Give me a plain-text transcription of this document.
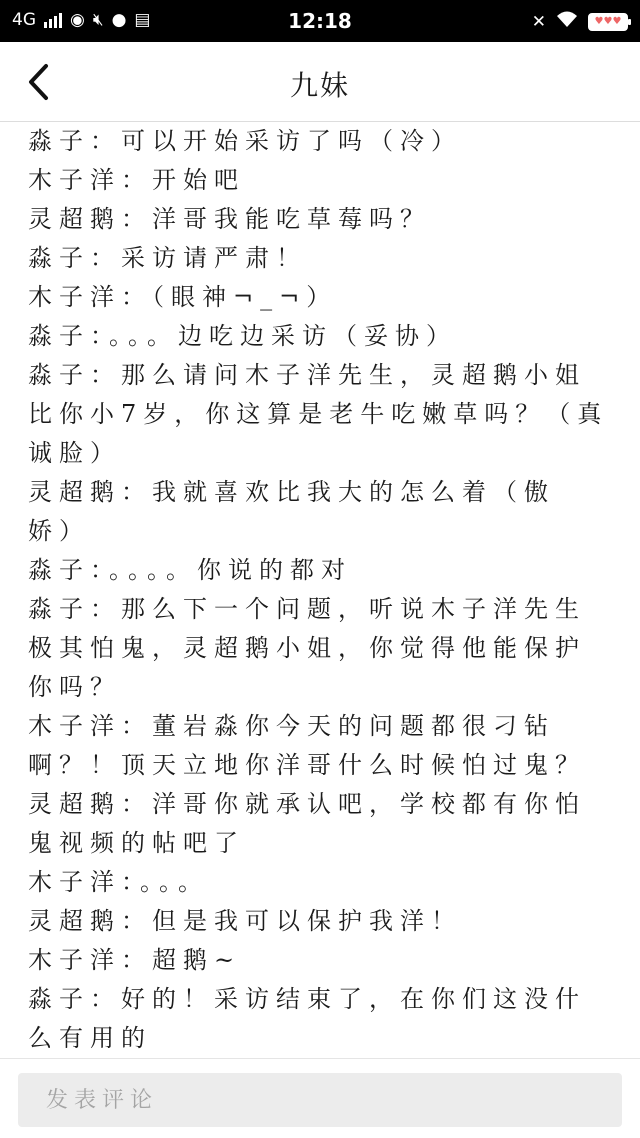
4G ◉ 🔇︎ ● ▤	12:18	✕	♥♥♥
九妹
淼子：可以开始采访了吗（冷）
木子洋：开始吧
灵超鹅：洋哥我能吃草莓吗？
淼子：采访请严肃！
木子洋：（眼神¬_¬）
淼子：。。。边吃边采访（妥协）
淼子：那么请问木子洋先生，灵超鹅小姐
比你小7岁，你这算是老牛吃嫩草吗？（真
诚脸）
灵超鹅：我就喜欢比我大的怎么着（傲
娇）
淼子：。。。。你说的都对
淼子：那么下一个问题，听说木子洋先生
极其怕鬼，灵超鹅小姐，你觉得他能保护
你吗？
木子洋：董岩淼你今天的问题都很刁钻
啊？！顶天立地你洋哥什么时候怕过鬼？
灵超鹅：洋哥你就承认吧，学校都有你怕
鬼视频的帖吧了
木子洋：。。。
灵超鹅：但是我可以保护我洋！
木子洋：超鹅~
淼子：好的！采访结束了，在你们这没什
么有用的
发表评论
